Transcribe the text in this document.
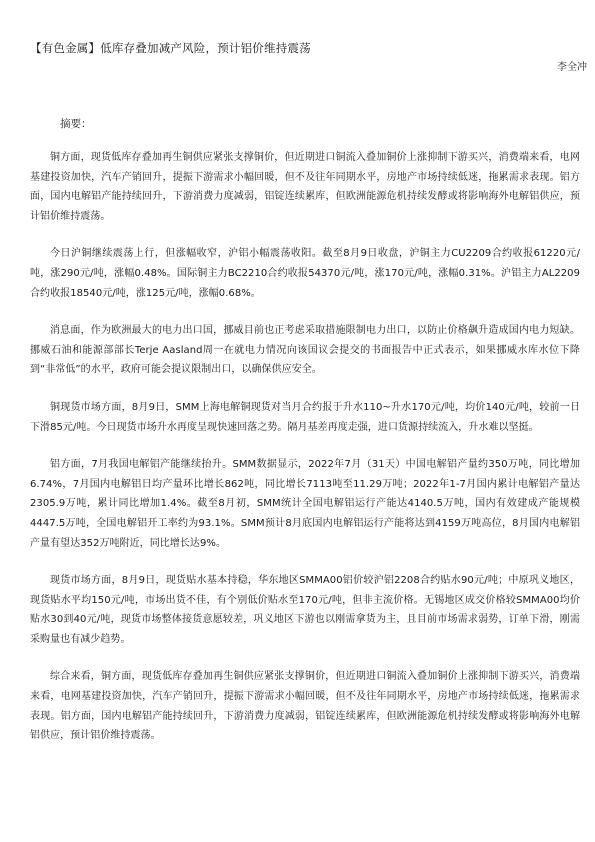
【有色金属】低库存叠加减产风险，预计铝价维持震荡

李全冲

摘要：

铜方面，现货低库存叠加再生铜供应紧张支撑铜价，但近期进口铜流入叠加铜价上涨抑制下游买兴，消费端来看，电网基建投资加快，汽车产销回升，提振下游需求小幅回暖，但不及往年同期水平，房地产市场持续低迷，拖累需求表现。铝方面，国内电解铝产能持续回升，下游消费力度减弱，铝锭连续累库，但欧洲能源危机持续发酵或将影响海外电解铝供应，预计铝价维持震荡。

今日沪铜继续震荡上行，但涨幅收窄，沪铝小幅震荡收阳。截至8月9日收盘，沪铜主力CU2209合约收报61220元/吨，涨290元/吨，涨幅0.48%。国际铜主力BC2210合约收报54370元/吨，涨170元/吨，涨幅0.31%。沪铝主力AL2209合约收报18540元/吨，涨125元/吨，涨幅0.68%。

消息面，作为欧洲最大的电力出口国，挪威目前也正考虑采取措施限制电力出口，以防止价格飙升造成国内电力短缺。挪威石油和能源部部长Terje Aasland周一在就电力情况向该国议会提交的书面报告中正式表示，如果挪威水库水位下降到“非常低”的水平，政府可能会提议限制出口，以确保供应安全。

铜现货市场方面，8月9日，SMM上海电解铜现货对当月合约报于升水110~升水170元/吨，均价140元/吨，较前一日下滑85元/吨。今日现货市场升水再度呈现快速回落之势。隔月基差再度走强，进口货源持续流入，升水难以坚挺。

铝方面，7月我国电解铝产能继续抬升。SMM数据显示，2022年7月（31天）中国电解铝产量约350万吨，同比增加6.74%，7月国内电解铝日均产量环比增长862吨，同比增长7113吨至11.29万吨；2022年1-7月国内累计电解铝产量达2305.9万吨，累计同比增加1.4%。截至8月初，SMM统计全国电解铝运行产能达4140.5万吨，国内有效建成产能规模4447.5万吨，全国电解铝开工率约为93.1%。SMM预计8月底国内电解铝运行产能将达到4159万吨高位，8月国内电解铝产量有望达352万吨附近，同比增长达9%。

现货市场方面，8月9日，现货贴水基本持稳，华东地区SMMA00铝价较沪铝2208合约贴水90元/吨；中原巩义地区，现货贴水平均150元/吨，市场出货不佳，有个别低价贴水至170元/吨，但非主流价格。无锡地区成交价格较SMMA00均价贴水30到40元/吨，现货市场整体接货意愿较差，巩义地区下游也以刚需拿货为主，且目前市场需求弱势，订单下滑，刚需采购量也有减少趋势。

综合来看，铜方面，现货低库存叠加再生铜供应紧张支撑铜价，但近期进口铜流入叠加铜价上涨抑制下游买兴，消费端来看，电网基建投资加快，汽车产销回升，提振下游需求小幅回暖，但不及往年同期水平，房地产市场持续低迷，拖累需求表现。铝方面，国内电解铝产能持续回升，下游消费力度减弱，铝锭连续累库，但欧洲能源危机持续发酵或将影响海外电解铝供应，预计铝价维持震荡。
